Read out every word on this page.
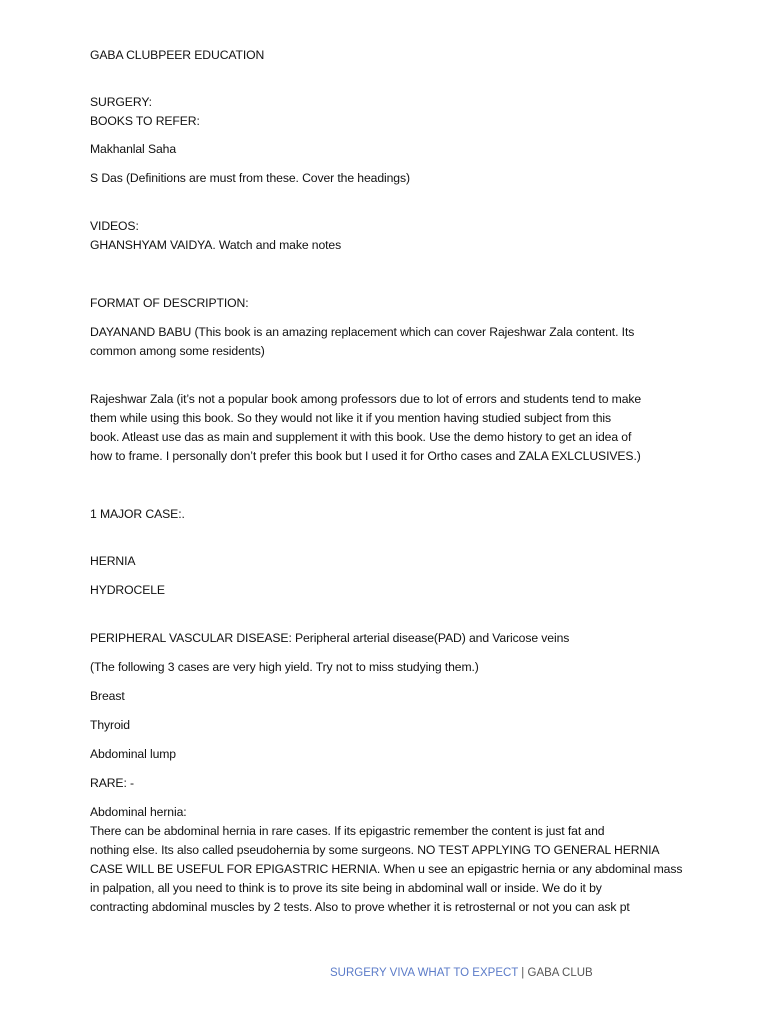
GABA CLUBPEER EDUCATION
SURGERY:
BOOKS TO REFER:
Makhanlal Saha
S Das (Definitions are must from these. Cover the headings)
VIDEOS:
GHANSHYAM VAIDYA. Watch and make notes
FORMAT OF DESCRIPTION:
DAYANAND BABU (This book is an amazing replacement which can cover Rajeshwar Zala content. Its
common among some residents)
Rajeshwar Zala (it’s not a popular book among professors due to lot of errors and students tend to make
them while using this book. So they would not like it if you mention having studied subject from this
book. Atleast use das as main and supplement it with this book. Use the demo history to get an idea of
how to frame. I personally don’t prefer this book but I used it for Ortho cases and ZALA EXLCLUSIVES.)
1 MAJOR CASE:.
HERNIA
HYDROCELE
PERIPHERAL VASCULAR DISEASE: Peripheral arterial disease(PAD) and Varicose veins
(The following 3 cases are very high yield. Try not to miss studying them.)
Breast
Thyroid
Abdominal lump
RARE: -
Abdominal hernia:
There can be abdominal hernia in rare cases. If its epigastric remember the content is just fat and
nothing else. Its also called pseudohernia by some surgeons. NO TEST APPLYING TO GENERAL HERNIA
CASE WILL BE USEFUL FOR EPIGASTRIC HERNIA. When u see an epigastric hernia or any abdominal mass
in palpation, all you need to think is to prove its site being in abdominal wall or inside. We do it by
contracting abdominal muscles by 2 tests. Also to prove whether it is retrosternal or not you can ask pt
SURGERY VIVA WHAT TO EXPECT | GABA CLUB
